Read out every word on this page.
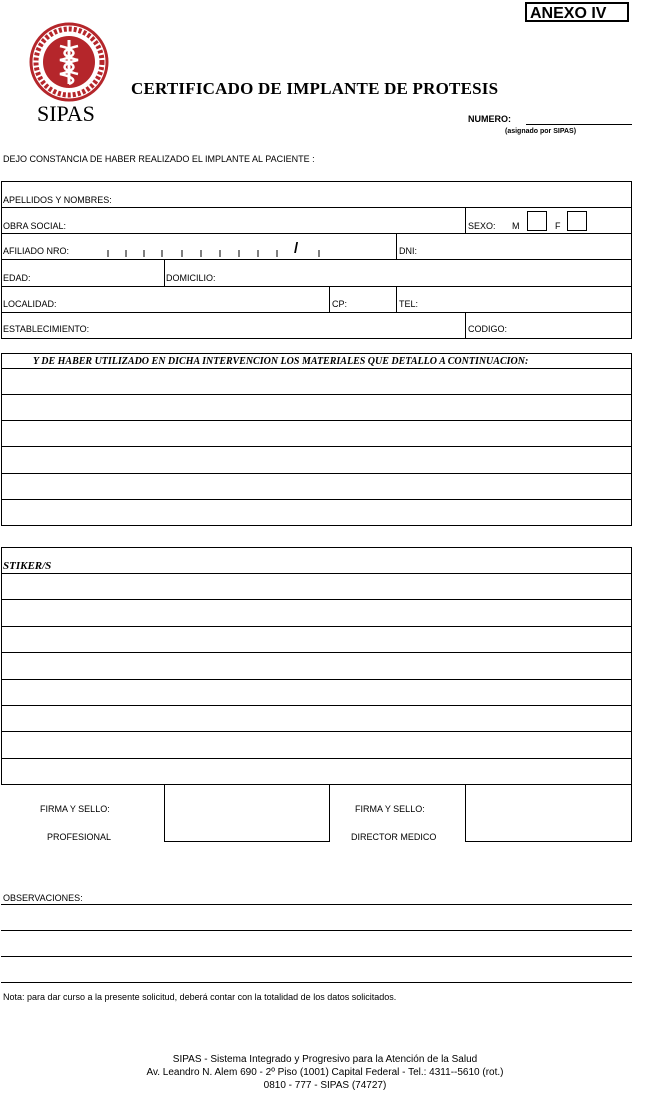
ANEXO IV
SIPAS
CERTIFICADO DE IMPLANTE DE PROTESIS
NUMERO:
(asignado por SIPAS)
DEJO CONSTANCIA DE HABER REALIZADO EL IMPLANTE AL PACIENTE :
APELLIDOS Y NOMBRES:
OBRA SOCIAL:	SEXO: M	F
AFILIADO NRO:	/	DNI:
EDAD:	DOMICILIO:
LOCALIDAD:	CP:	TEL:
ESTABLECIMIENTO:	CODIGO:
Y DE HABER UTILIZADO EN DICHA INTERVENCION LOS MATERIALES QUE DETALLO A CONTINUACION:
STIKER/S
FIRMA Y SELLO:
PROFESIONAL
FIRMA Y SELLO:
DIRECTOR MEDICO
OBSERVACIONES:
Nota: para dar curso a la presente solicitud, deberá contar con la totalidad de los datos solicitados.
SIPAS - Sistema Integrado y Progresivo para la Atención de la Salud
Av. Leandro N. Alem 690 - 2º Piso (1001) Capital Federal - Tel.: 4311--5610 (rot.)
0810 - 777 - SIPAS (74727)
